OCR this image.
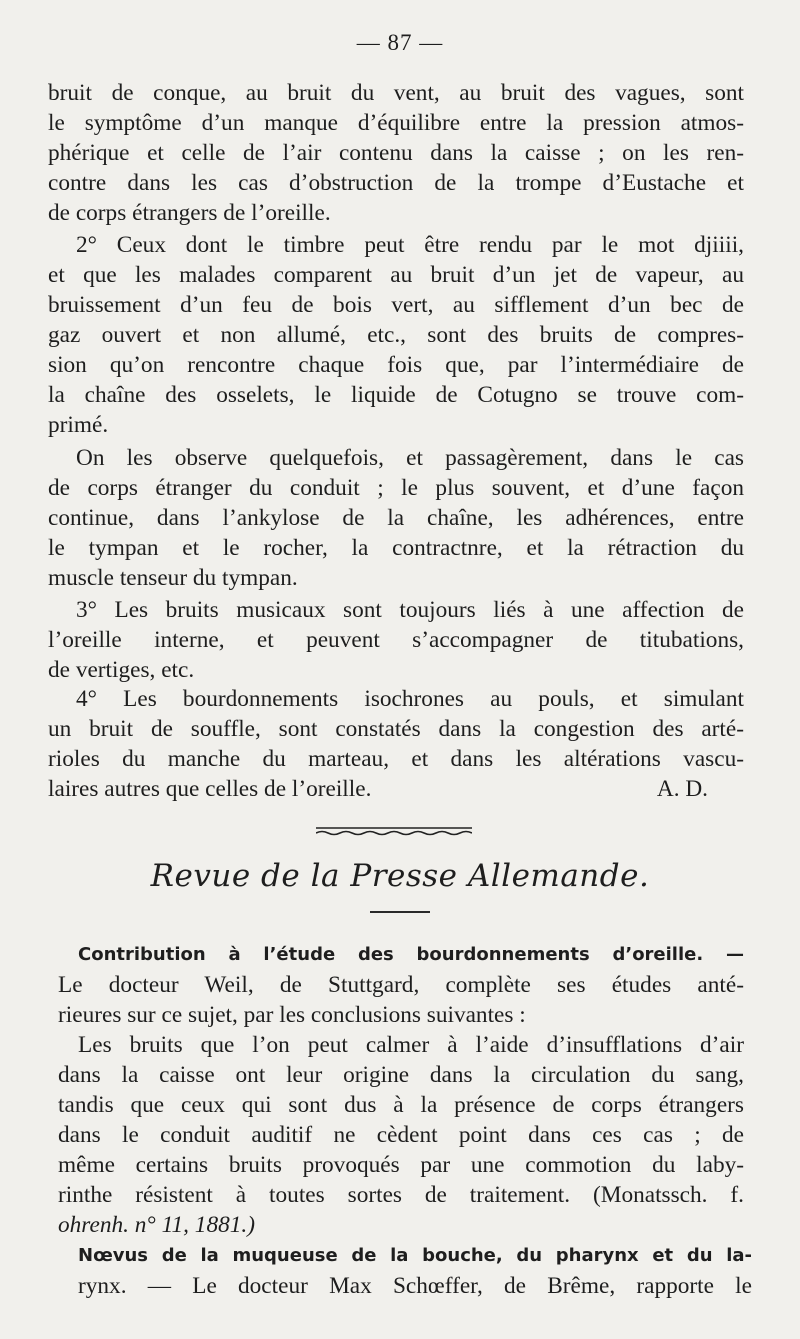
— 87 —
bruit de conque, au bruit du vent, au bruit des vagues, sont
le symptôme d’un manque d’équilibre entre la pression atmos-
phérique et celle de l’air contenu dans la caisse ; on les ren-
contre dans les cas d’obstruction de la trompe d’Eustache et
de corps étrangers de l’oreille.
2° Ceux dont le timbre peut être rendu par le mot djiiii,
et que les malades comparent au bruit d’un jet de vapeur, au
bruissement d’un feu de bois vert, au sifflement d’un bec de
gaz ouvert et non allumé, etc., sont des bruits de compres-
sion qu’on rencontre chaque fois que, par l’intermédiaire de
la chaîne des osselets, le liquide de Cotugno se trouve com-
primé.
On les observe quelquefois, et passagèrement, dans le cas
de corps étranger du conduit ; le plus souvent, et d’une façon
continue, dans l’ankylose de la chaîne, les adhérences, entre
le tympan et le rocher, la contractnre, et la rétraction du
muscle tenseur du tympan.
3° Les bruits musicaux sont toujours liés à une affection de
l’oreille interne, et peuvent s’accompagner de titubations,
de vertiges, etc.
4° Les bourdonnements isochrones au pouls, et simulant
un bruit de souffle, sont constatés dans la congestion des arté-
rioles du manche du marteau, et dans les altérations vascu-
laires autres que celles de l’oreille.	A. D.
Revue de la Presse Allemande.
Contribution à l’étude des bourdonnements d’oreille. —
Le docteur Weil, de Stuttgard, complète ses études anté-
rieures sur ce sujet, par les conclusions suivantes :
Les bruits que l’on peut calmer à l’aide d’insufflations d’air
dans la caisse ont leur origine dans la circulation du sang,
tandis que ceux qui sont dus à la présence de corps étrangers
dans le conduit auditif ne cèdent point dans ces cas ; de
même certains bruits provoqués par une commotion du laby-
rinthe résistent à toutes sortes de traitement. (Monatssch. f.
ohrenh. n° 11, 1881.)
Nœvus de la muqueuse de la bouche, du pharynx et du la-
rynx. — Le docteur Max Schœffer, de Brême, rapporte le
